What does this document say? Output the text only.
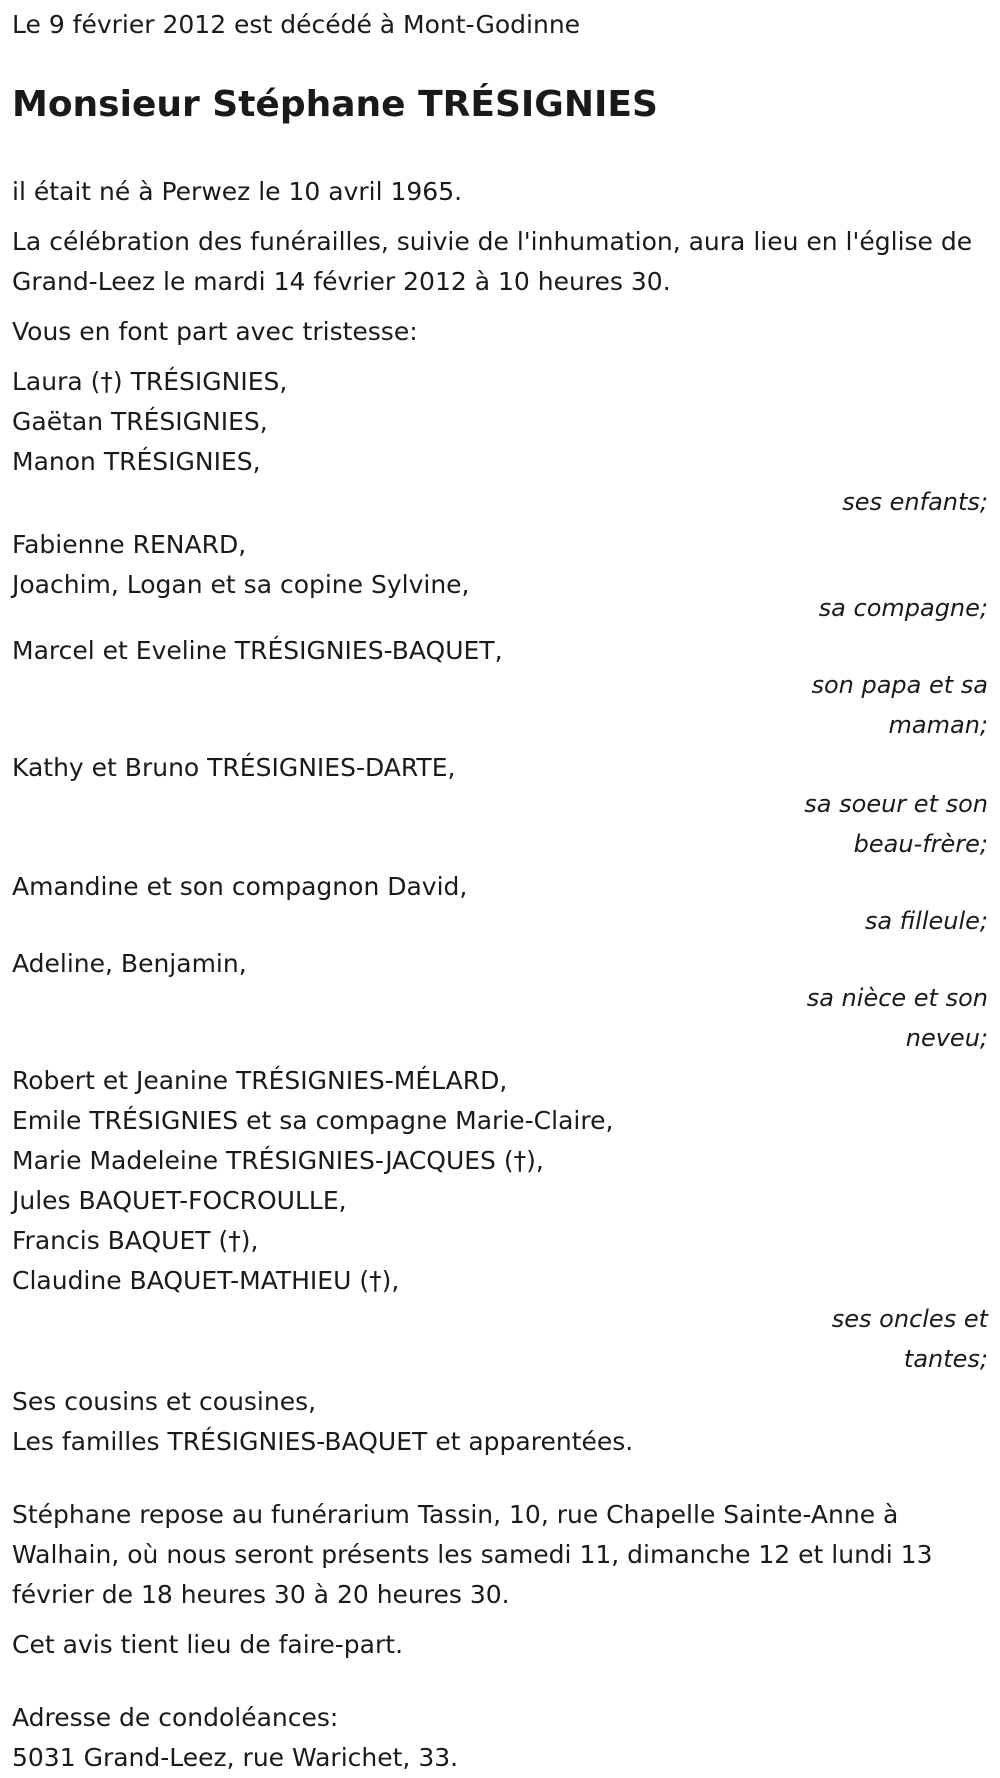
Le 9 février 2012 est décédé à Mont-Godinne

Monsieur Stéphane TRÉSIGNIES

il était né à Perwez le 10 avril 1965.

La célébration des funérailles, suivie de l'inhumation, aura lieu en l'église de Grand-Leez le mardi 14 février 2012 à 10 heures 30.

Vous en font part avec tristesse:

Laura (†) TRÉSIGNIES,

Gaëtan TRÉSIGNIES,

Manon TRÉSIGNIES,

ses enfants;

Fabienne RENARD,

Joachim, Logan et sa copine Sylvine,

sa compagne;

Marcel et Eveline TRÉSIGNIES-BAQUET,

son papa et sa maman;

Kathy et Bruno TRÉSIGNIES-DARTE,

sa soeur et son beau-frère;

Amandine et son compagnon David,

sa filleule;

Adeline, Benjamin,

sa nièce et son neveu;

Robert et Jeanine TRÉSIGNIES-MÉLARD,

Emile TRÉSIGNIES et sa compagne Marie-Claire,

Marie Madeleine TRÉSIGNIES-JACQUES (†),

Jules BAQUET-FOCROULLE,

Francis BAQUET (†),

Claudine BAQUET-MATHIEU (†),

ses oncles et tantes;

Ses cousins et cousines,

Les familles TRÉSIGNIES-BAQUET et apparentées.

Stéphane repose au funérarium Tassin, 10, rue Chapelle Sainte-Anne à Walhain, où nous seront présents les samedi 11, dimanche 12 et lundi 13 février de 18 heures 30 à 20 heures 30.

Cet avis tient lieu de faire-part.

Adresse de condoléances:

5031 Grand-Leez, rue Warichet, 33.
